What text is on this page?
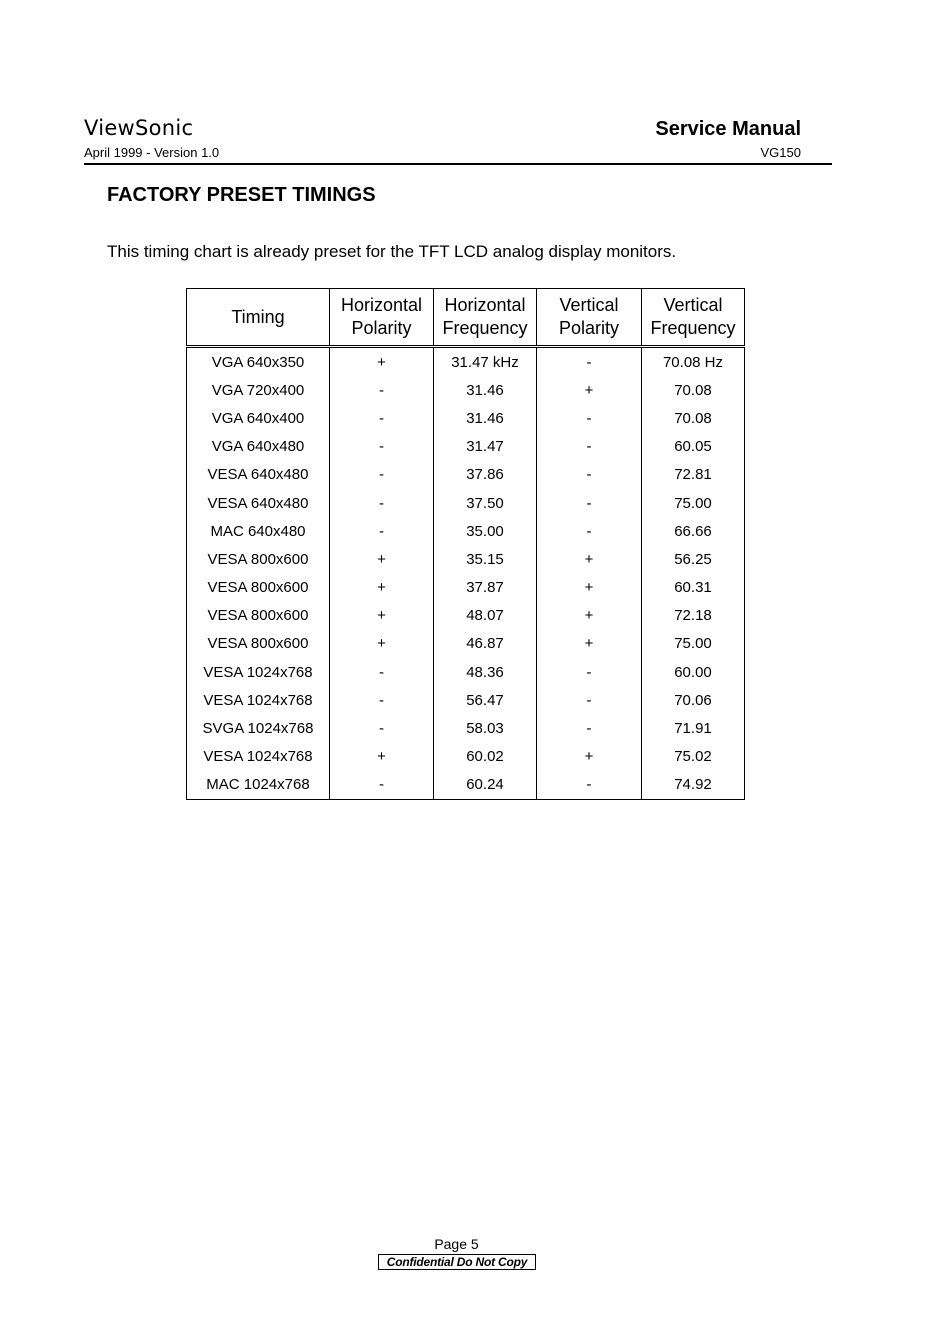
ViewSonic
April 1999 - Version 1.0
Service Manual
VG150
FACTORY PRESET TIMINGS
This timing chart is already preset for the TFT LCD analog display monitors.
Timing	Horizontal Polarity	Horizontal Frequency	Vertical Polarity	Vertical Frequency
VGA 640x350	+	31.47 kHz	-	70.08 Hz
VGA 720x400	-	31.46	+	70.08
VGA 640x400	-	31.46	-	70.08
VGA 640x480	-	31.47	-	60.05
VESA 640x480	-	37.86	-	72.81
VESA 640x480	-	37.50	-	75.00
MAC 640x480	-	35.00	-	66.66
VESA 800x600	+	35.15	+	56.25
VESA 800x600	+	37.87	+	60.31
VESA 800x600	+	48.07	+	72.18
VESA 800x600	+	46.87	+	75.00
VESA 1024x768	-	48.36	-	60.00
VESA 1024x768	-	56.47	-	70.06
SVGA 1024x768	-	58.03	-	71.91
VESA 1024x768	+	60.02	+	75.02
MAC 1024x768	-	60.24	-	74.92
Page 5
Confidential Do Not Copy
